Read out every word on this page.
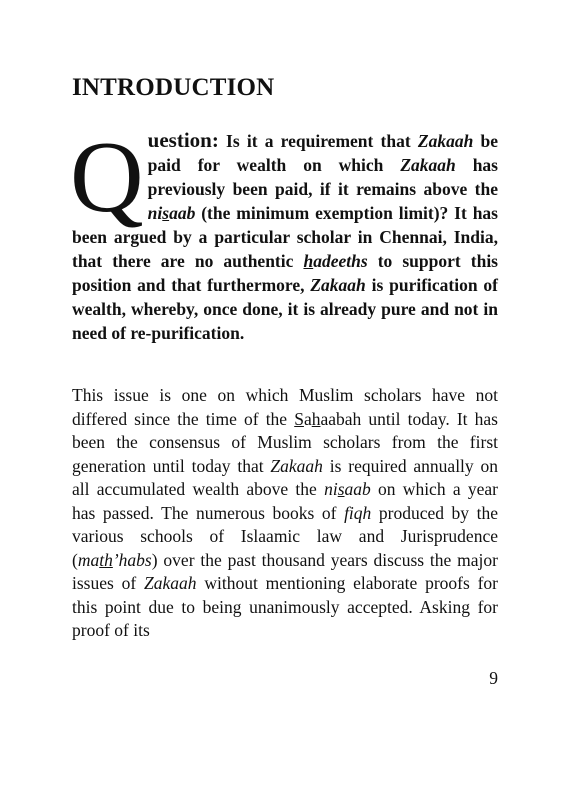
INTRODUCTION

Q uestion: Is it a requirement that Zakaah be paid for wealth on which Zakaah has previously been paid, if it remains above the nisaab (the minimum exemption limit)? It has been argued by a particular scholar in Chennai, India, that there are no authentic hadeeths to support this position and that furthermore, Zakaah is purification of wealth, whereby, once done, it is already pure and not in need of re-purification.

This issue is one on which Muslim scholars have not differed since the time of the Sahaabah until today. It has been the consensus of Muslim scholars from the first generation until today that Zakaah is required annually on all accumulated wealth above the nisaab on which a year has passed. The numerous books of fiqh produced by the various schools of Islaamic law and Jurisprudence (math’habs) over the past thousand years discuss the major issues of Zakaah without mentioning elaborate proofs for this point due to being unanimously accepted. Asking for proof of its

9
